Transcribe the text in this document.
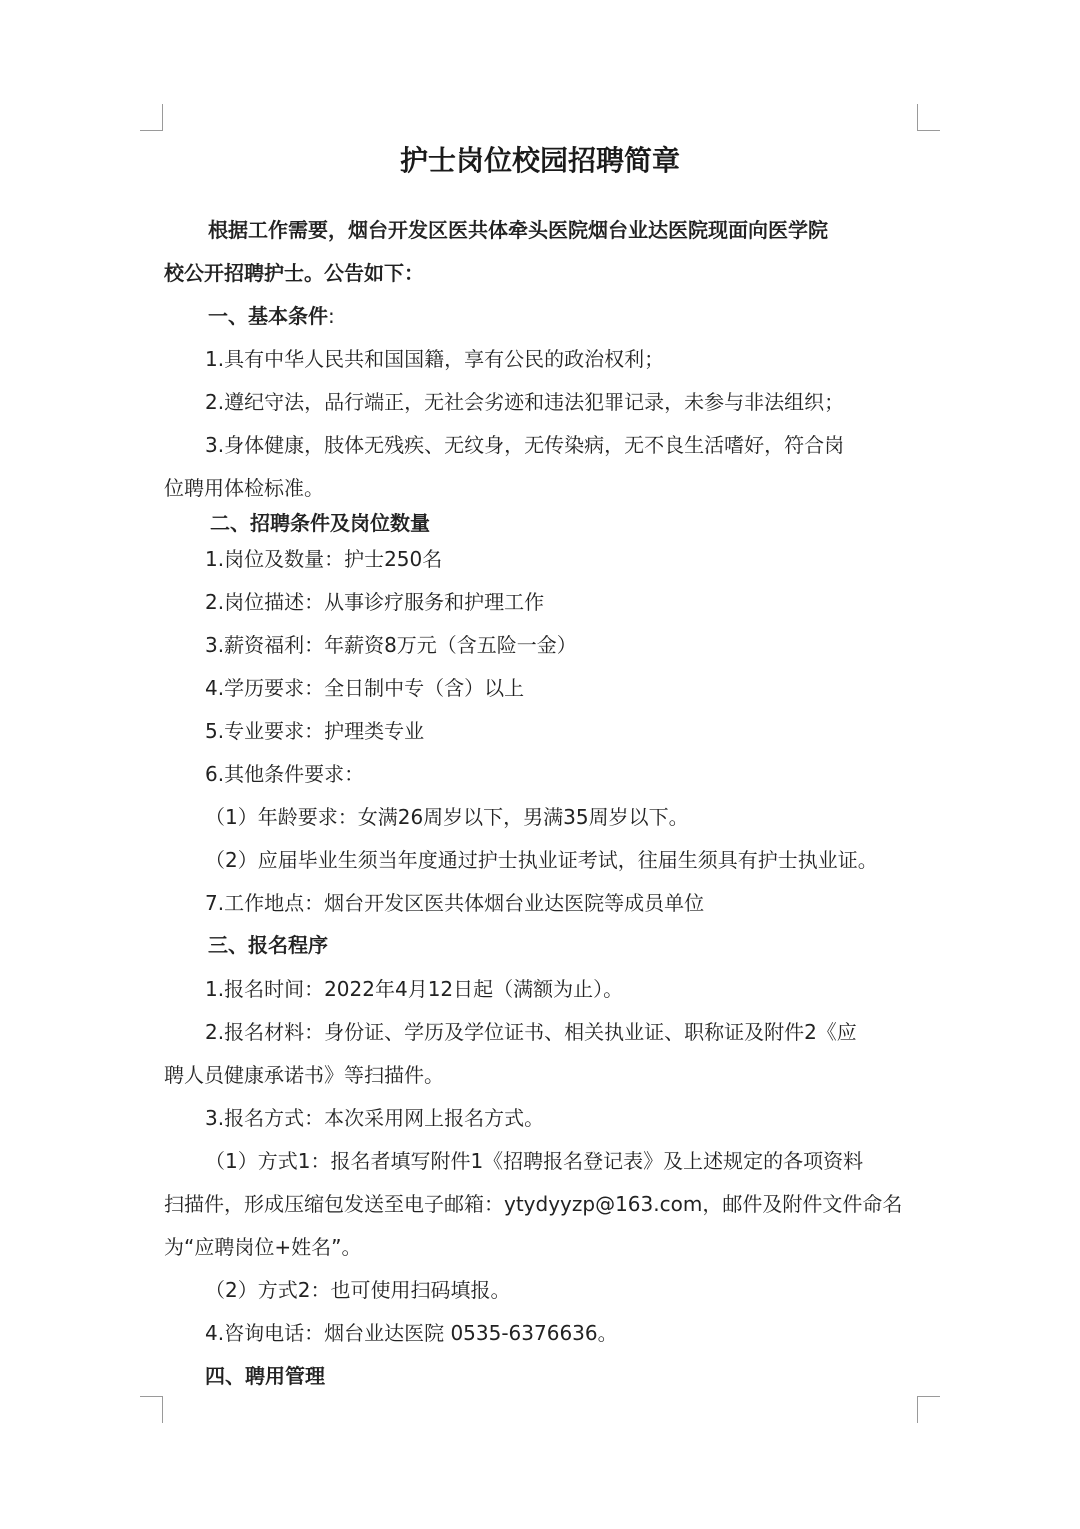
护士岗位校园招聘简章
根据工作需要，烟台开发区医共体牵头医院烟台业达医院现面向医学院
校公开招聘护士。公告如下：
一、基本条件:
1.具有中华人民共和国国籍，享有公民的政治权利；
2.遵纪守法，品行端正，无社会劣迹和违法犯罪记录，未参与非法组织；
3.身体健康，肢体无残疾、无纹身，无传染病，无不良生活嗜好，符合岗
位聘用体检标准。
二、招聘条件及岗位数量
1.岗位及数量：护士250名
2.岗位描述：从事诊疗服务和护理工作
3.薪资福利：年薪资8万元（含五险一金）
4.学历要求：全日制中专（含）以上
5.专业要求：护理类专业
6.其他条件要求：
（1）年龄要求：女满26周岁以下，男满35周岁以下。
（2）应届毕业生须当年度通过护士执业证考试，往届生须具有护士执业证。
7.工作地点：烟台开发区医共体烟台业达医院等成员单位
三、报名程序
1.报名时间：2022年4月12日起（满额为止）。
2.报名材料：身份证、学历及学位证书、相关执业证、职称证及附件2《应
聘人员健康承诺书》等扫描件。
3.报名方式：本次采用网上报名方式。
（1）方式1：报名者填写附件1《招聘报名登记表》及上述规定的各项资料
扫描件，形成压缩包发送至电子邮箱：ytydyyzp@163.com，邮件及附件文件命名
为“应聘岗位+姓名”。
（2）方式2：也可使用扫码填报。
4.咨询电话：烟台业达医院 0535-6376636。
四、聘用管理
